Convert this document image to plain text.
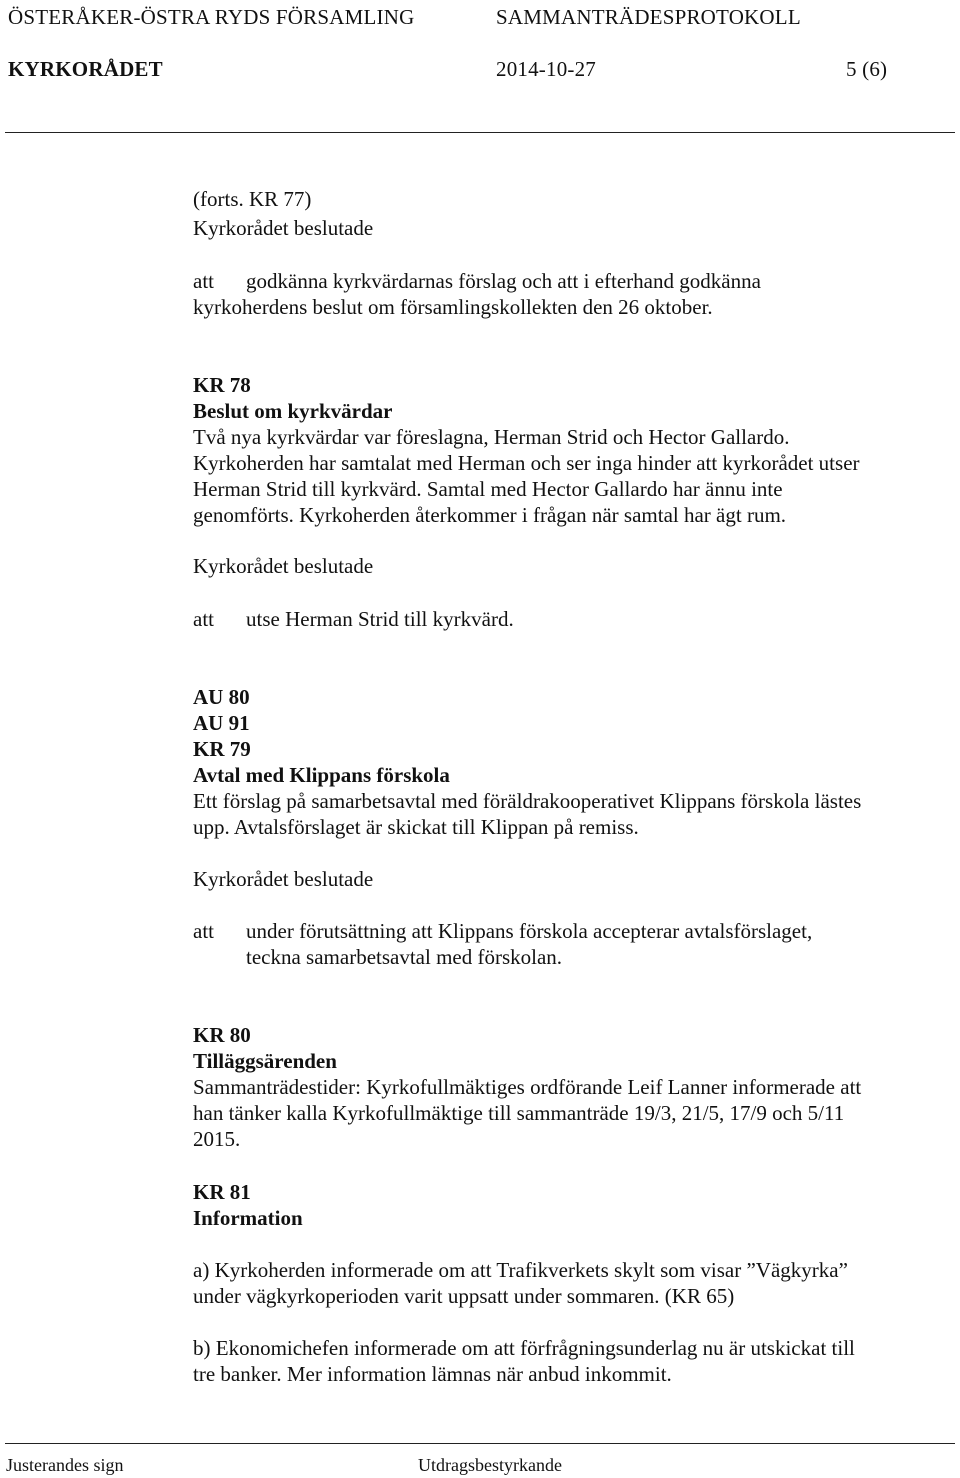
ÖSTERÅKER-ÖSTRA RYDS FÖRSAMLING	SAMMANTRÄDESPROTOKOLL
KYRKORÅDET	2014-10-27	5 (6)
(forts. KR 77)
Kyrkorådet beslutade
att godkänna kyrkvärdarnas förslag och att i efterhand godkänna
kyrkoherdens beslut om församlingskollekten den 26 oktober.
KR 78
Beslut om kyrkvärdar
Två nya kyrkvärdar var föreslagna, Herman Strid och Hector Gallardo.
Kyrkoherden har samtalat med Herman och ser inga hinder att kyrkorådet utser
Herman Strid till kyrkvärd. Samtal med Hector Gallardo har ännu inte
genomförts. Kyrkoherden återkommer i frågan när samtal har ägt rum.
Kyrkorådet beslutade
att utse Herman Strid till kyrkvärd.
AU 80
AU 91
KR 79
Avtal med Klippans förskola
Ett förslag på samarbetsavtal med föräldrakooperativet Klippans förskola lästes
upp. Avtalsförslaget är skickat till Klippan på remiss.
Kyrkorådet beslutade
att under förutsättning att Klippans förskola accepterar avtalsförslaget,
teckna samarbetsavtal med förskolan.
KR 80
Tilläggsärenden
Sammanträdestider: Kyrkofullmäktiges ordförande Leif Lanner informerade att
han tänker kalla Kyrkofullmäktige till sammanträde 19/3, 21/5, 17/9 och 5/11
2015.
KR 81
Information
a) Kyrkoherden informerade om att Trafikverkets skylt som visar ”Vägkyrka”
under vägkyrkoperioden varit uppsatt under sommaren. (KR 65)
b) Ekonomichefen informerade om att förfrågningsunderlag nu är utskickat till
tre banker. Mer information lämnas när anbud inkommit.
Justerandes sign	Utdragsbestyrkande
